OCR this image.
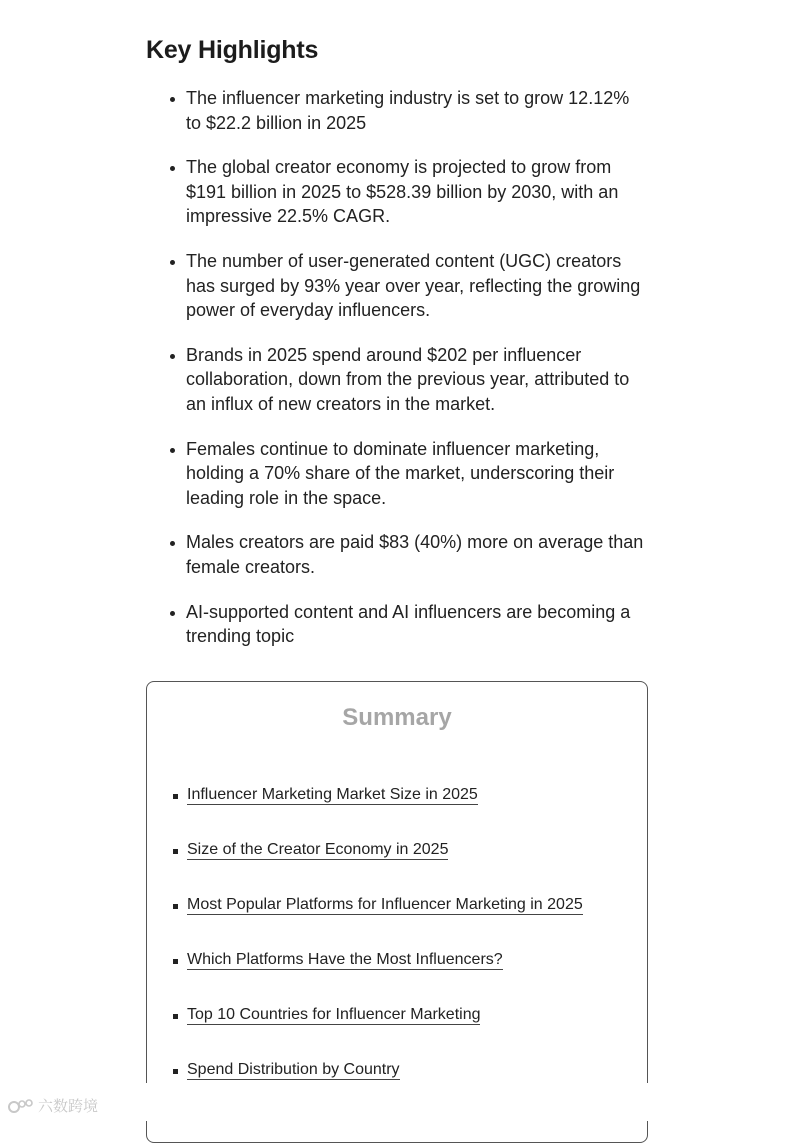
Key Highlights
The influencer marketing industry is set to grow 12.12% to $22.2 billion in 2025
The global creator economy is projected to grow from $191 billion in 2025 to $528.39 billion by 2030, with an impressive 22.5% CAGR.
The number of user-generated content (UGC) creators has surged by 93% year over year, reflecting the growing power of everyday influencers.
Brands in 2025 spend around $202 per influencer collaboration, down from the previous year, attributed to an influx of new creators in the market.
Females continue to dominate influencer marketing, holding a 70% share of the market, underscoring their leading role in the space.
Males creators are paid $83 (40%) more on average than female creators.
AI-supported content and AI influencers are becoming a trending topic
Summary
Influencer Marketing Market Size in 2025
Size of the Creator Economy in 2025
Most Popular Platforms for Influencer Marketing in 2025
Which Platforms Have the Most Influencers?
Top 10 Countries for Influencer Marketing
Spend Distribution by Country
六数跨境
